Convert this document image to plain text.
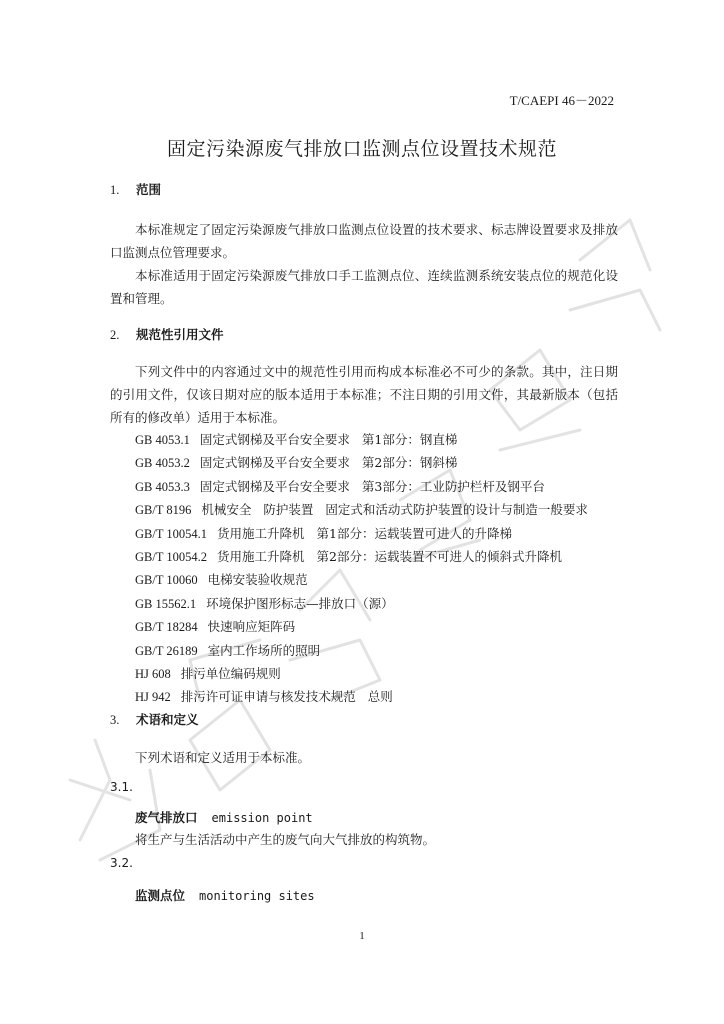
T/CAEPI 46－2022
固定污染源废气排放口监测点位设置技术规范
1. 范围
本标准规定了固定污染源废气排放口监测点位设置的技术要求、标志牌设置要求及排放口监测点位管理要求。
本标准适用于固定污染源废气排放口手工监测点位、连续监测系统安装点位的规范化设置和管理。
2. 规范性引用文件
下列文件中的内容通过文中的规范性引用而构成本标准必不可少的条款。其中，注日期的引用文件，仅该日期对应的版本适用于本标准；不注日期的引用文件，其最新版本（包括所有的修改单）适用于本标准。
GB 4053.1 固定式钢梯及平台安全要求 第1部分：钢直梯
GB 4053.2 固定式钢梯及平台安全要求 第2部分：钢斜梯
GB 4053.3 固定式钢梯及平台安全要求 第3部分：工业防护栏杆及钢平台
GB/T 8196 机械安全 防护装置 固定式和活动式防护装置的设计与制造一般要求
GB/T 10054.1 货用施工升降机 第1部分：运载装置可进人的升降梯
GB/T 10054.2 货用施工升降机 第2部分：运载装置不可进人的倾斜式升降机
GB/T 10060 电梯安装验收规范
GB 15562.1 环境保护图形标志—排放口（源）
GB/T 18284 快速响应矩阵码
GB/T 26189 室内工作场所的照明
HJ 608 排污单位编码规则
HJ 942 排污许可证申请与核发技术规范 总则
3. 术语和定义
下列术语和定义适用于本标准。
3.1.
废气排放口 emission point
将生产与生活活动中产生的废气向大气排放的构筑物。
3.2.
监测点位 monitoring sites
1
